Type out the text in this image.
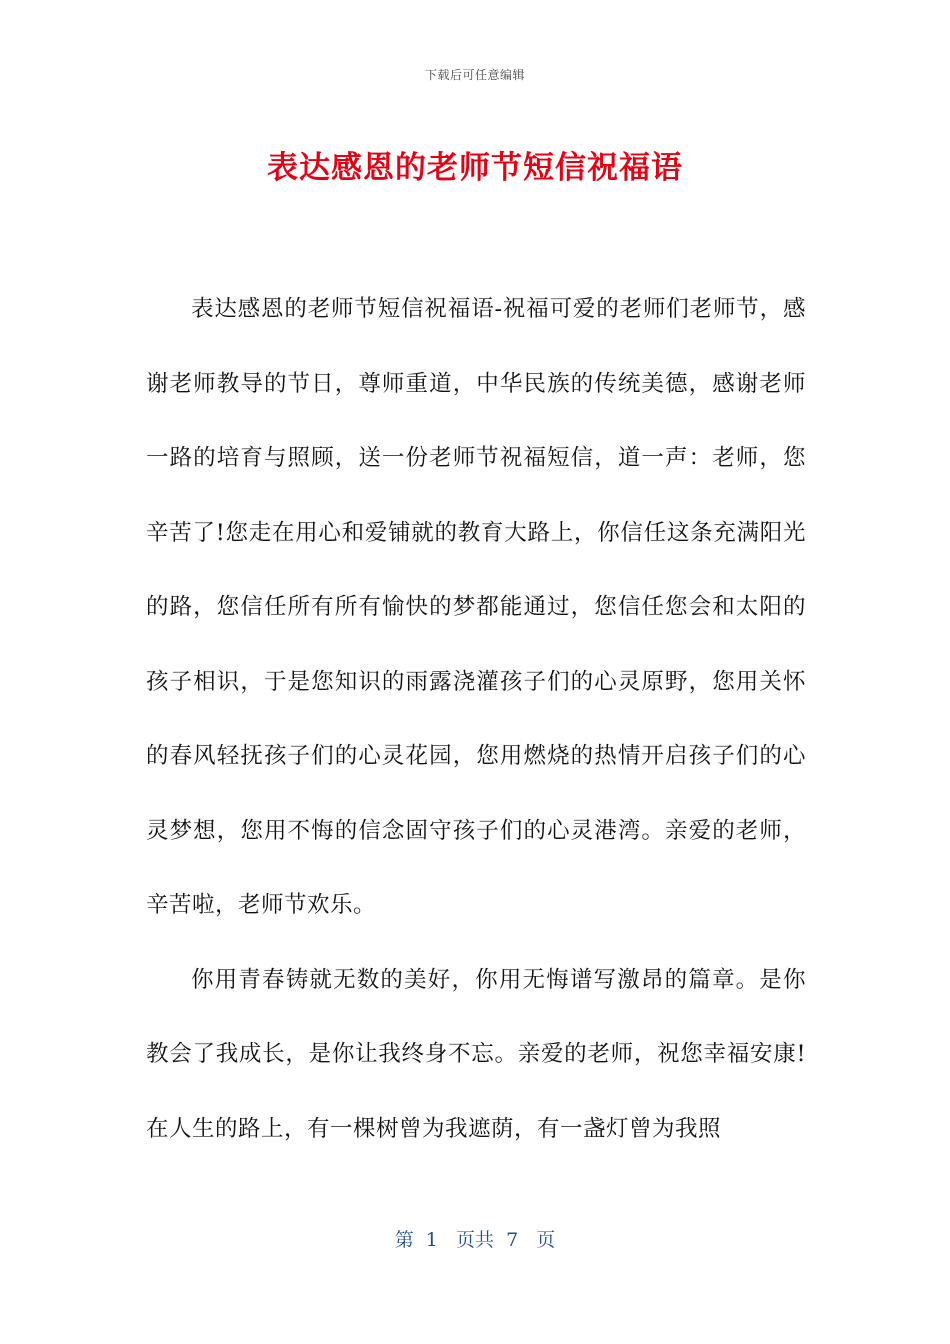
下载后可任意编辑
表达感恩的老师节短信祝福语

表达感恩的老师节短信祝福语-祝福可爱的老师们老师节，感谢老师教导的节日，尊师重道，中华民族的传统美德，感谢老师一路的培育与照顾，送一份老师节祝福短信，道一声：老师，您辛苦了!您走在用心和爱铺就的教育大路上，你信任这条充满阳光的路，您信任所有所有愉快的梦都能通过，您信任您会和太阳的孩子相识，于是您知识的雨露浇灌孩子们的心灵原野，您用关怀的春风轻抚孩子们的心灵花园，您用燃烧的热情开启孩子们的心灵梦想，您用不悔的信念固守孩子们的心灵港湾。亲爱的老师，辛苦啦，老师节欢乐。

你用青春铸就无数的美好，你用无悔谱写激昂的篇章。是你教会了我成长，是你让我终身不忘。亲爱的老师，祝您幸福安康!在人生的路上，有一棵树曾为我遮荫，有一盏灯曾为我照

第  1   页共  7   页
